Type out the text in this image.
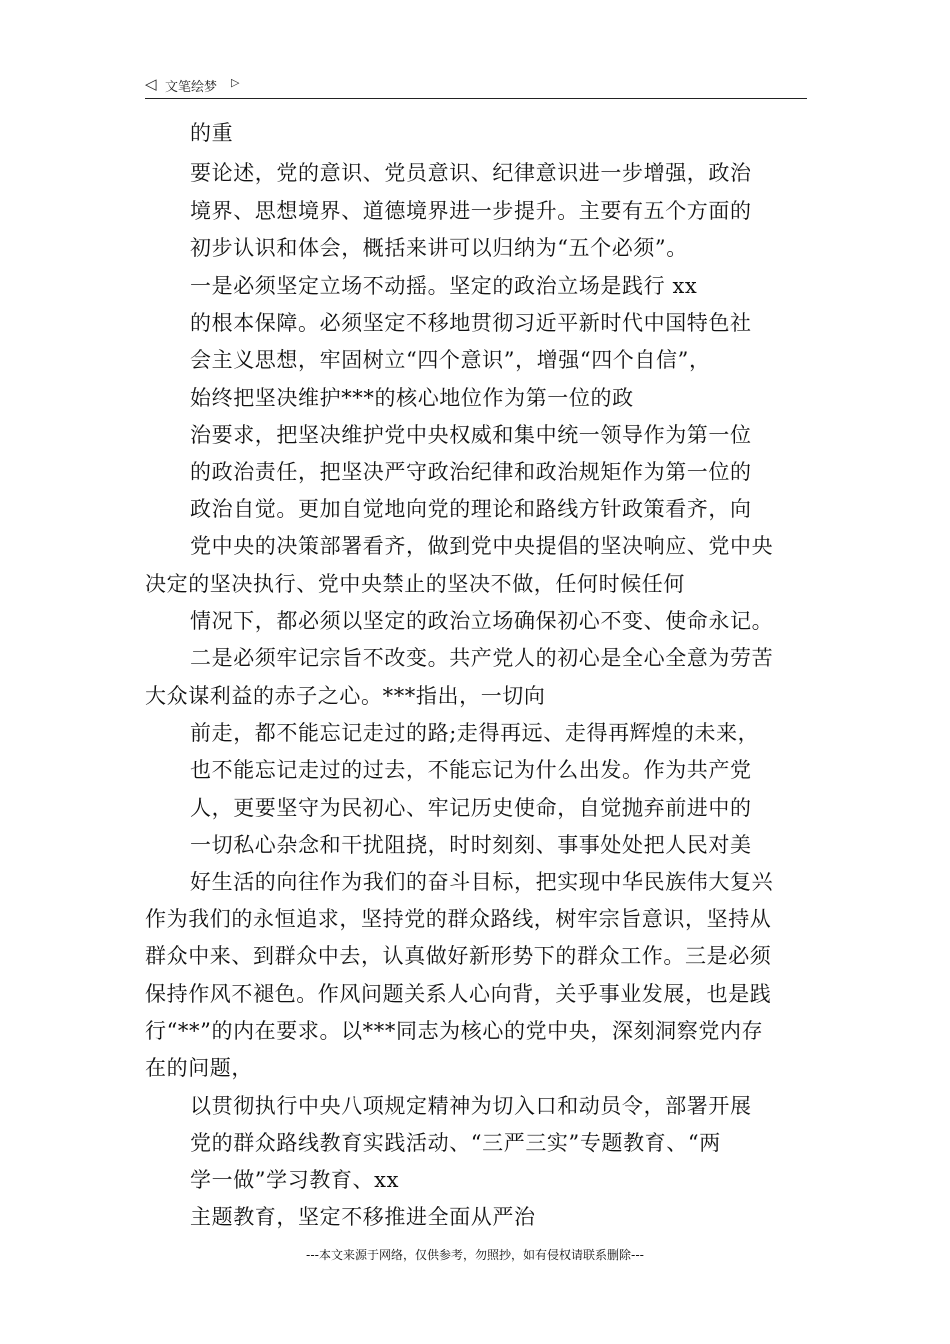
◁ 文笔绘梦 ▷
的重
要论述，党的意识、党员意识、纪律意识进一步增强，政治
境界、思想境界、道德境界进一步提升。主要有五个方面的
初步认识和体会，概括来讲可以归纳为“五个必须”。
一是必须坚定立场不动摇。坚定的政治立场是践行 xx
的根本保障。必须坚定不移地贯彻习近平新时代中国特色社
会主义思想，牢固树立“四个意识”，增强“四个自信”，
始终把坚决维护***的核心地位作为第一位的政
治要求，把坚决维护党中央权威和集中统一领导作为第一位
的政治责任，把坚决严守政治纪律和政治规矩作为第一位的
政治自觉。更加自觉地向党的理论和路线方针政策看齐，向
党中央的决策部署看齐，做到党中央提倡的坚决响应、党中央
决定的坚决执行、党中央禁止的坚决不做，任何时候任何
情况下，都必须以坚定的政治立场确保初心不变、使命永记。
二是必须牢记宗旨不改变。共产党人的初心是全心全意为劳苦
大众谋利益的赤子之心。***指出，一切向
前走，都不能忘记走过的路;走得再远、走得再辉煌的未来，
也不能忘记走过的过去，不能忘记为什么出发。作为共产党
人，更要坚守为民初心、牢记历史使命，自觉抛弃前进中的
一切私心杂念和干扰阻挠，时时刻刻、事事处处把人民对美
好生活的向往作为我们的奋斗目标，把实现中华民族伟大复兴
作为我们的永恒追求，坚持党的群众路线，树牢宗旨意识，坚持从
群众中来、到群众中去，认真做好新形势下的群众工作。三是必须
保持作风不褪色。作风问题关系人心向背，关乎事业发展，也是践
行“**”的内在要求。以***同志为核心的党中央，深刻洞察党内存
在的问题，
以贯彻执行中央八项规定精神为切入口和动员令，部署开展
党的群众路线教育实践活动、“三严三实”专题教育、“两
学一做”学习教育、xx
主题教育，坚定不移推进全面从严治
---本文来源于网络，仅供参考，勿照抄，如有侵权请联系删除---
